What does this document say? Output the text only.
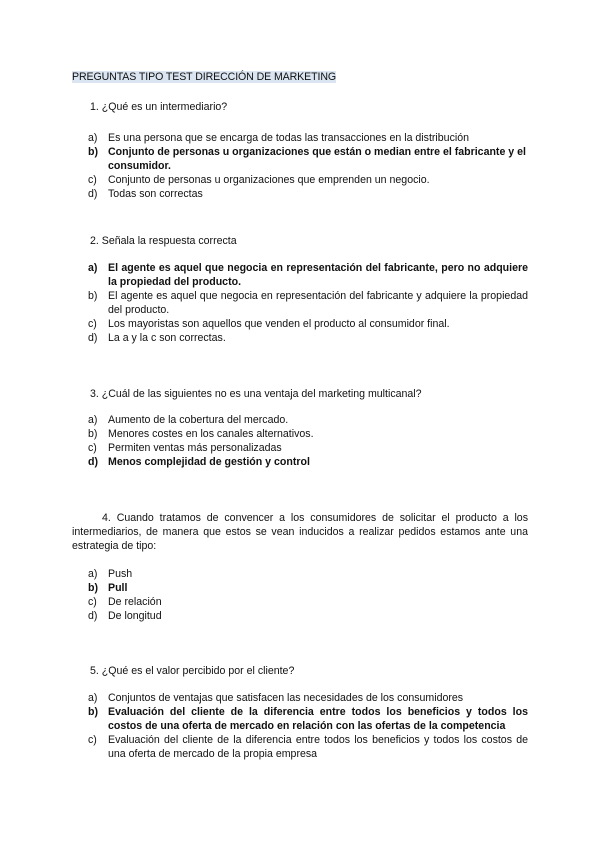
PREGUNTAS TIPO TEST DIRECCIÓN DE MARKETING
1. ¿Qué es un intermediario?
a) Es una persona que se encarga de todas las transacciones en la distribución
b) Conjunto de personas u organizaciones que están o median entre el fabricante y el consumidor.
c) Conjunto de personas u organizaciones que emprenden un negocio.
d) Todas son correctas
2. Señala la respuesta correcta
a) El agente es aquel que negocia en representación del fabricante, pero no adquiere la propiedad del producto.
b) El agente es aquel que negocia en representación del fabricante y adquiere la propiedad del producto.
c) Los mayoristas son aquellos que venden el producto al consumidor final.
d) La a y la c son correctas.
3. ¿Cuál de las siguientes no es una ventaja del marketing multicanal?
a) Aumento de la cobertura del mercado.
b) Menores costes en los canales alternativos.
c) Permiten ventas más personalizadas
d) Menos complejidad de gestión y control
4. Cuando tratamos de convencer a los consumidores de solicitar el producto a los intermediarios, de manera que estos se vean inducidos a realizar pedidos estamos ante una estrategia de tipo:
a) Push
b) Pull
c) De relación
d) De longitud
5. ¿Qué es el valor percibido por el cliente?
a) Conjuntos de ventajas que satisfacen las necesidades de los consumidores
b) Evaluación del cliente de la diferencia entre todos los beneficios y todos los costos de una oferta de mercado en relación con las ofertas de la competencia
c) Evaluación del cliente de la diferencia entre todos los beneficios y todos los costos de una oferta de mercado de la propia empresa
